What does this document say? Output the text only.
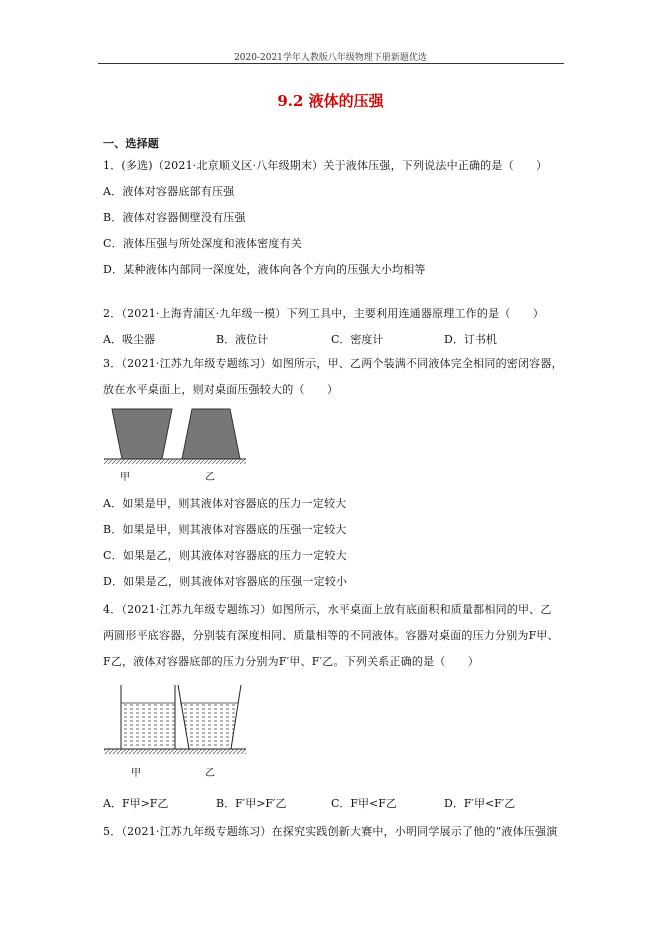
2020-2021学年人教版八年级物理下册新题优选
9.2 液体的压强
一、选择题
1．(多选)（2021·北京顺义区·八年级期末）关于液体压强，下列说法中正确的是（　　）
A．液体对容器底部有压强
B．液体对容器侧壁没有压强
C．液体压强与所处深度和液体密度有关
D．某种液体内部同一深度处，液体向各个方向的压强大小均相等
2．（2021·上海青浦区·九年级一模）下列工具中，主要利用连通器原理工作的是（　　）
A．吸尘器	B．液位计	C．密度计	D．订书机
3．（2021·江苏九年级专题练习）如图所示，甲、乙两个装满不同液体完全相同的密闭容器，
放在水平桌面上，则对桌面压强较大的（　　）
甲	乙
A．如果是甲，则其液体对容器底的压力一定较大
B．如果是甲，则其液体对容器底的压强一定较大
C．如果是乙，则其液体对容器底的压力一定较大
D．如果是乙，则其液体对容器底的压强一定较小
4．（2021·江苏九年级专题练习）如图所示，水平桌面上放有底面积和质量都相同的甲、乙
两圆形平底容器，分别装有深度相同、质量相等的不同液体。容器对桌面的压力分别为F甲、
F乙，液体对容器底部的压力分别为F′甲、F′乙。下列关系正确的是（　　）
甲	乙
A．F甲>F乙	B．F′甲>F′乙	C．F甲<F乙	D．F′甲<F′乙
5．（2021·江苏九年级专题练习）在探究实践创新大赛中，小明同学展示了他的“液体压强演
